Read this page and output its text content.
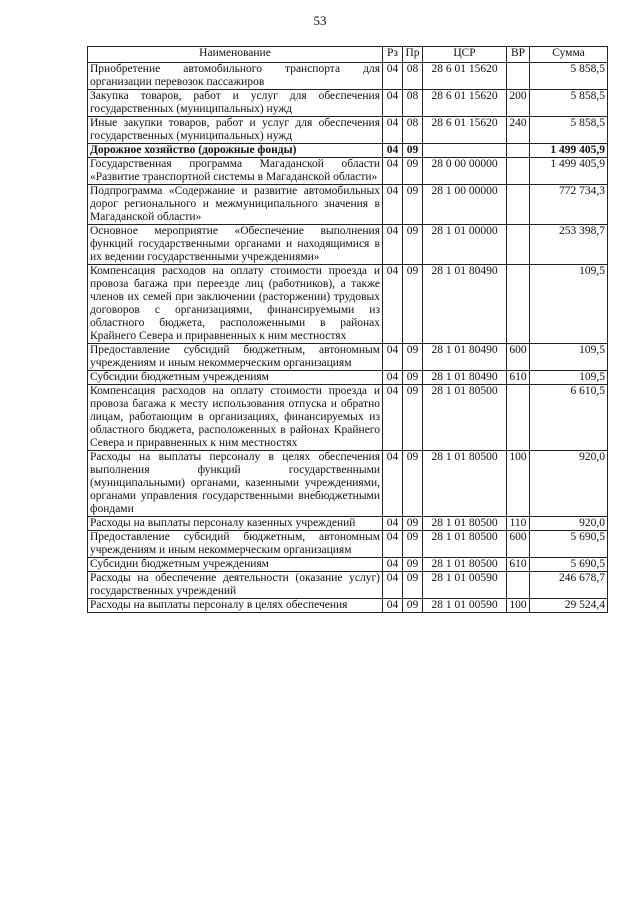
53
Наименование	Рз	Пр	ЦСР	ВР	Сумма
Приобретение автомобильного транспорта для организации перевозок пассажиров	04	08	28 6 01 15620		5 858,5
Закупка товаров, работ и услуг для обеспечения государственных (муниципальных) нужд	04	08	28 6 01 15620	200	5 858,5
Иные закупки товаров, работ и услуг для обеспечения государственных (муниципальных) нужд	04	08	28 6 01 15620	240	5 858,5
Дорожное хозяйство (дорожные фонды)	04	09			1 499 405,9
Государственная программа Магаданской области «Развитие транспортной системы в Магаданской области»	04	09	28 0 00 00000		1 499 405,9
Подпрограмма «Содержание и развитие автомобильных дорог регионального и межмуниципального значения в Магаданской области»	04	09	28 1 00 00000		772 734,3
Основное мероприятие «Обеспечение выполнения функций государственными органами и находящимися в их ведении государственными учреждениями»	04	09	28 1 01 00000		253 398,7
Компенсация расходов на оплату стоимости проезда и провоза багажа при переезде лиц (работников), а также членов их семей при заключении (расторжении) трудовых договоров с организациями, финансируемыми из областного бюджета, расположенными в районах Крайнего Севера и приравненных к ним местностях	04	09	28 1 01 80490		109,5
Предоставление субсидий бюджетным, автономным учреждениям и иным некоммерческим организациям	04	09	28 1 01 80490	600	109,5
Субсидии бюджетным учреждениям	04	09	28 1 01 80490	610	109,5
Компенсация расходов на оплату стоимости проезда и провоза багажа к месту использования отпуска и обратно лицам, работающим в организациях, финансируемых из областного бюджета, расположенных в районах Крайнего Севера и приравненных к ним местностях	04	09	28 1 01 80500		6 610,5
Расходы на выплаты персоналу в целях обеспечения выполнения функций государственными (муниципальными) органами, казенными учреждениями, органами управления государственными внебюджетными фондами	04	09	28 1 01 80500	100	920,0
Расходы на выплаты персоналу казенных учреждений	04	09	28 1 01 80500	110	920,0
Предоставление субсидий бюджетным, автономным учреждениям и иным некоммерческим организациям	04	09	28 1 01 80500	600	5 690,5
Субсидии бюджетным учреждениям	04	09	28 1 01 80500	610	5 690,5
Расходы на обеспечение деятельности (оказание услуг) государственных учреждений	04	09	28 1 01 00590		246 678,7
Расходы на выплаты персоналу в целях обеспечения	04	09	28 1 01 00590	100	29 524,4
